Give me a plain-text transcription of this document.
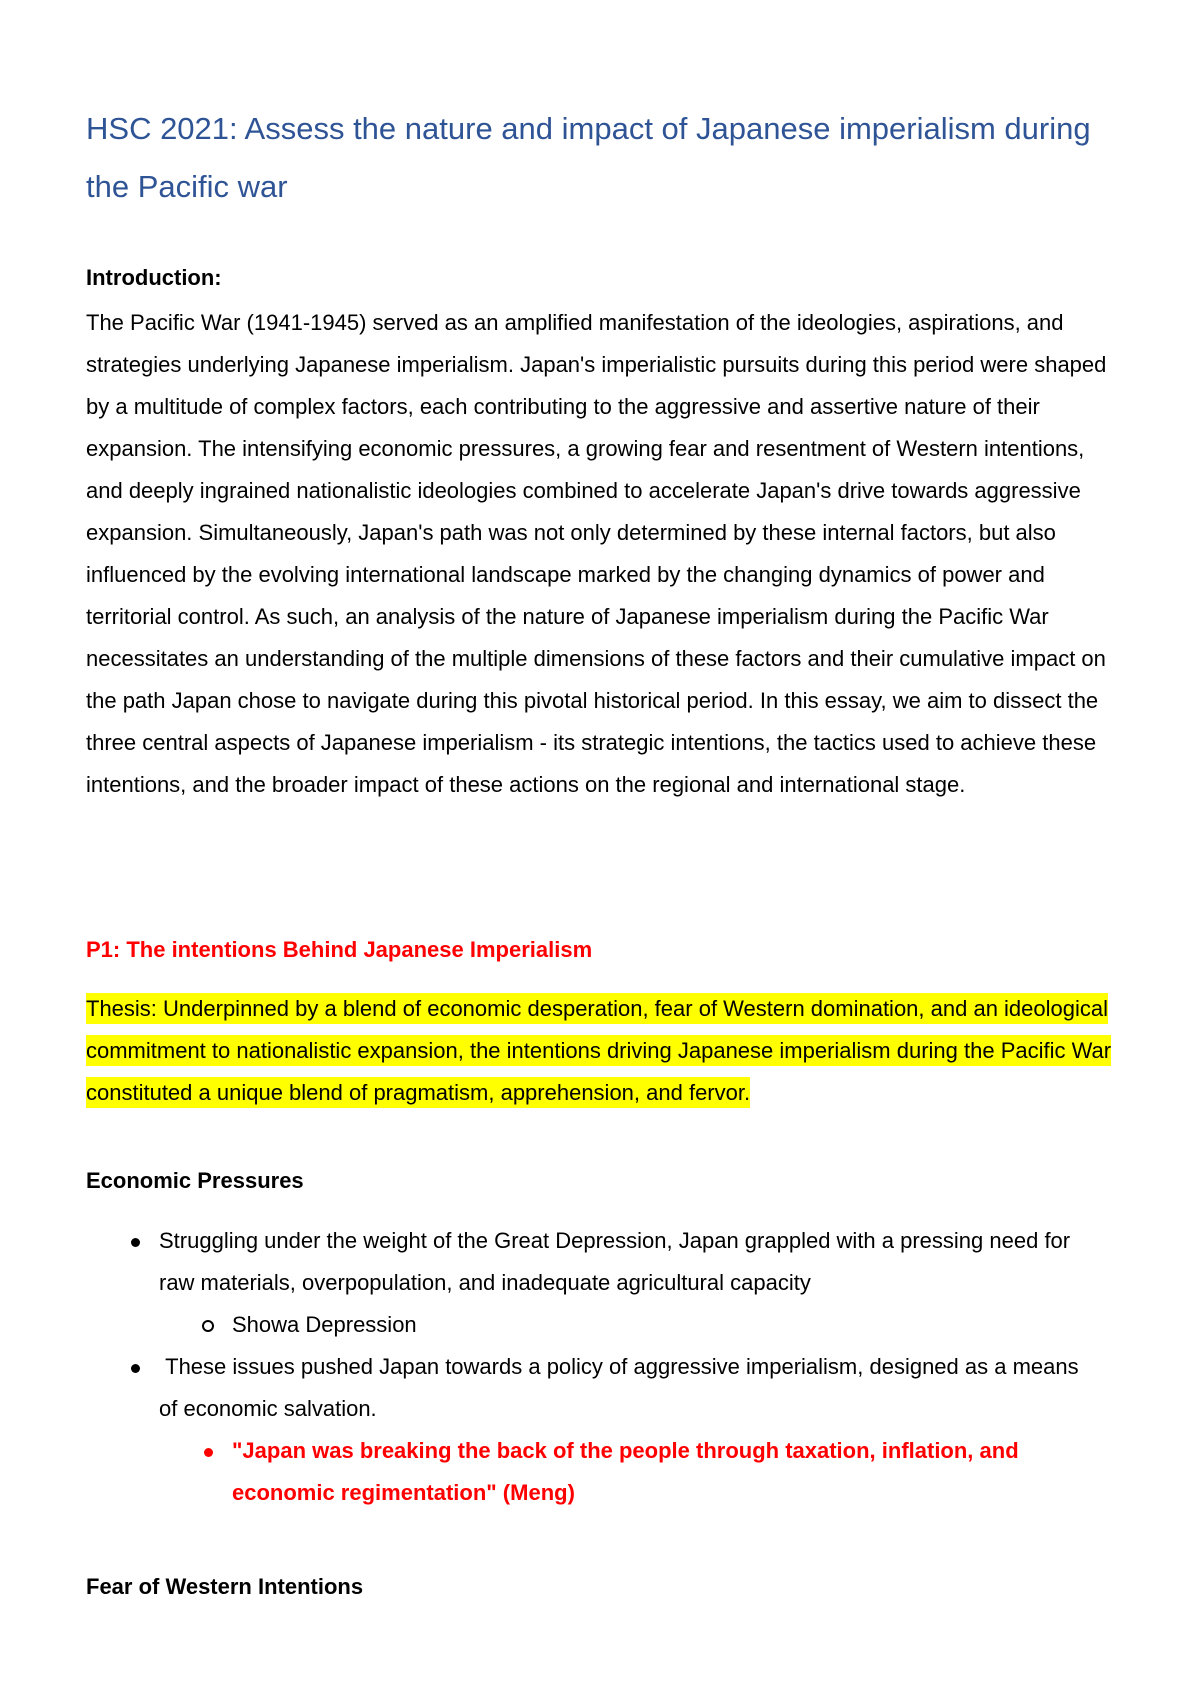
HSC 2021: Assess the nature and impact of Japanese imperialism during the Pacific war

Introduction:

The Pacific War (1941-1945) served as an amplified manifestation of the ideologies, aspirations, and strategies underlying Japanese imperialism. Japan's imperialistic pursuits during this period were shaped by a multitude of complex factors, each contributing to the aggressive and assertive nature of their expansion. The intensifying economic pressures, a growing fear and resentment of Western intentions, and deeply ingrained nationalistic ideologies combined to accelerate Japan's drive towards aggressive expansion. Simultaneously, Japan's path was not only determined by these internal factors, but also influenced by the evolving international landscape marked by the changing dynamics of power and territorial control. As such, an analysis of the nature of Japanese imperialism during the Pacific War necessitates an understanding of the multiple dimensions of these factors and their cumulative impact on the path Japan chose to navigate during this pivotal historical period. In this essay, we aim to dissect the three central aspects of Japanese imperialism - its strategic intentions, the tactics used to achieve these intentions, and the broader impact of these actions on the regional and international stage.

P1: The intentions Behind Japanese Imperialism

Thesis: Underpinned by a blend of economic desperation, fear of Western domination, and an ideological commitment to nationalistic expansion, the intentions driving Japanese imperialism during the Pacific War constituted a unique blend of pragmatism, apprehension, and fervor.

Economic Pressures

Struggling under the weight of the Great Depression, Japan grappled with a pressing need for raw materials, overpopulation, and inadequate agricultural capacity
Showa Depression
These issues pushed Japan towards a policy of aggressive imperialism, designed as a means of economic salvation.
"Japan was breaking the back of the people through taxation, inflation, and economic regimentation" (Meng)

Fear of Western Intentions
